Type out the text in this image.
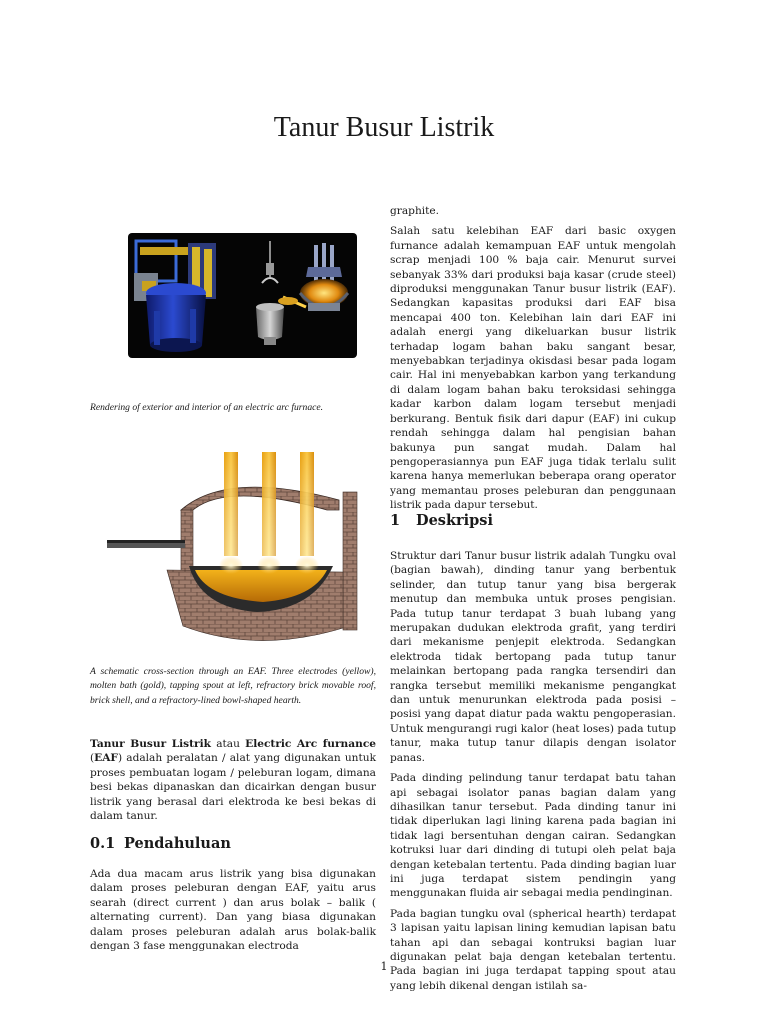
Tanur Busur Listrik

Rendering of exterior and interior of an electric arc furnace.

A schematic cross-section through an EAF. Three electrodes (yellow), molten bath (gold), tapping spout at left, refractory brick movable roof, brick shell, and a refractory-lined bowl-shaped hearth.

Tanur Busur Listrik atau Electric Arc furnance (EAF) adalah peralatan / alat yang digunakan untuk proses pembuatan logam / peleburan logam, dimana besi bekas dipanaskan dan dicairkan dengan busur listrik yang berasal dari elektroda ke besi bekas di dalam tanur.

0.1 Pendahuluan

Ada dua macam arus listrik yang bisa digunakan dalam proses peleburan dengan EAF, yaitu arus searah (direct current ) dan arus bolak – balik ( alternating current). Dan yang biasa digunakan dalam proses peleburan adalah arus bolak-balik dengan 3 fase menggunakan electroda

graphite.

Salah satu kelebihan EAF dari basic oxygen furnance adalah kemampuan EAF untuk mengolah scrap menjadi 100 % baja cair. Menurut survei sebanyak 33% dari produksi baja kasar (crude steel) diproduksi menggunakan Tanur busur listrik (EAF). Sedangkan kapasitas produksi dari EAF bisa mencapai 400 ton. Kelebihan lain dari EAF ini adalah energi yang dikeluarkan busur listrik terhadap logam bahan baku sangant besar, menyebabkan terjadinya okisdasi besar pada logam cair. Hal ini menyebabkan karbon yang terkandung di dalam logam bahan baku teroksidasi sehingga kadar karbon dalam logam tersebut menjadi berkurang. Bentuk fisik dari dapur (EAF) ini cukup rendah sehingga dalam hal pengisian bahan bakunya pun sangat mudah. Dalam hal pengoperasiannya pun EAF juga tidak terlalu sulit karena hanya memerlukan beberapa orang operator yang memantau proses peleburan dan penggunaan listrik pada dapur tersebut.

1 Deskripsi

Struktur dari Tanur busur listrik adalah Tungku oval (bagian bawah), dinding tanur yang berbentuk selinder, dan tutup tanur yang bisa bergerak menutup dan membuka untuk proses pengisian. Pada tutup tanur terdapat 3 buah lubang yang merupakan dudukan elektroda grafit, yang terdiri dari mekanisme penjepit elektroda. Sedangkan elektroda tidak bertopang pada tutup tanur melainkan bertopang pada rangka tersendiri dan rangka tersebut memiliki mekanisme pengangkat dan untuk menurunkan elektroda pada posisi – posisi yang dapat diatur pada waktu pengoperasian. Untuk mengurangi rugi kalor (heat loses) pada tutup tanur, maka tutup tanur dilapis dengan isolator panas.

Pada dinding pelindung tanur terdapat batu tahan api sebagai isolator panas bagian dalam yang dihasilkan tanur tersebut. Pada dinding tanur ini tidak diperlukan lagi lining karena pada bagian ini tidak lagi bersentuhan dengan cairan. Sedangkan kotruksi luar dari dinding di tutupi oleh pelat baja dengan ketebalan tertentu. Pada dinding bagian luar ini juga terdapat sistem pendingin yang menggunakan fluida air sebagai media pendinginan.

Pada bagian tungku oval (spherical hearth) terdapat 3 lapisan yaitu lapisan lining kemudian lapisan batu tahan api dan sebagai kontruksi bagian luar digunakan pelat baja dengan ketebalan tertentu. Pada bagian ini juga terdapat tapping spout atau yang lebih dikenal dengan istilah sa-

1
